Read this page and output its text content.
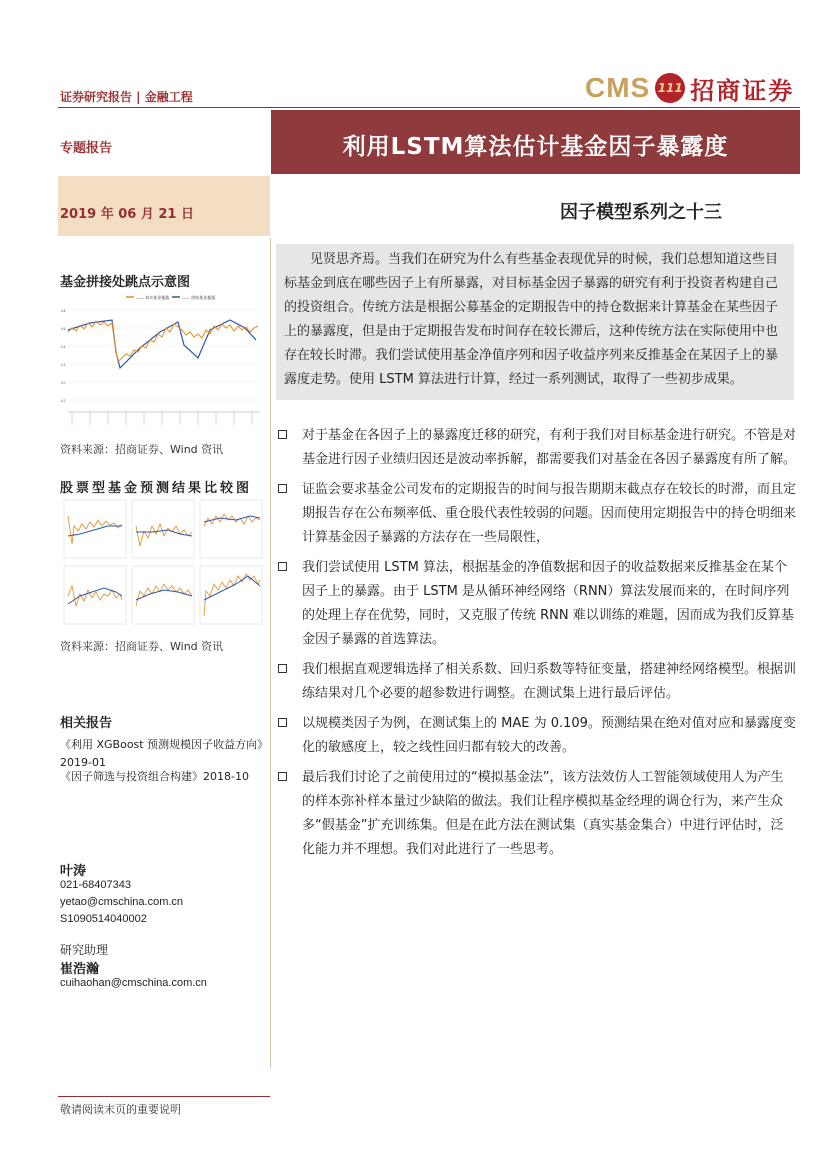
证券研究报告 | 金融工程	CMS 111 招商证券
专题报告	利用LSTM算法估计基金因子暴露度
2019 年 06 月 21 日	因子模型系列之十三
基金拼接处跳点示意图
—— 真实基金暴露	—— 拼接基金暴露
0.8
0.6
0.4
0.2
0.0
-0.2
资料来源：招商证券、Wind 资讯
股票型基金预测结果比较图
资料来源：招商证券、Wind 资讯
相关报告
《利用 XGBoost 预测规模因子收益方向》2019-01
《因子筛选与投资组合构建》2018-10
叶涛
021-68407343
yetao@cmschina.com.cn
S1090514040002
研究助理
崔浩瀚
cuihaohan@cmschina.com.cn
见贤思齐焉。当我们在研究为什么有些基金表现优异的时候，我们总想知道这些目标基金到底在哪些因子上有所暴露，对目标基金因子暴露的研究有利于投资者构建自己的投资组合。传统方法是根据公募基金的定期报告中的持仓数据来计算基金在某些因子上的暴露度，但是由于定期报告发布时间存在较长滞后，这种传统方法在实际使用中也存在较长时滞。我们尝试使用基金净值序列和因子收益序列来反推基金在某因子上的暴露度走势。使用 LSTM 算法进行计算，经过一系列测试，取得了一些初步成果。
对于基金在各因子上的暴露度迁移的研究，有利于我们对目标基金进行研究。不管是对基金进行因子业绩归因还是波动率拆解，都需要我们对基金在各因子暴露度有所了解。
证监会要求基金公司发布的定期报告的时间与报告期期末截点存在较长的时滞，而且定期报告存在公布频率低、重仓股代表性较弱的问题。因而使用定期报告中的持仓明细来计算基金因子暴露的方法存在一些局限性，
我们尝试使用 LSTM 算法，根据基金的净值数据和因子的收益数据来反推基金在某个因子上的暴露。由于 LSTM 是从循环神经网络（RNN）算法发展而来的，在时间序列的处理上存在优势，同时，又克服了传统 RNN 难以训练的难题，因而成为我们反算基金因子暴露的首选算法。
我们根据直观逻辑选择了相关系数、回归系数等特征变量，搭建神经网络模型。根据训练结果对几个必要的超参数进行调整。在测试集上进行最后评估。
以规模类因子为例，在测试集上的 MAE 为 0.109。预测结果在绝对值对应和暴露度变化的敏感度上，较之线性回归都有较大的改善。
最后我们讨论了之前使用过的“模拟基金法”，该方法效仿人工智能领域使用人为产生的样本弥补样本量过少缺陷的做法。我们让程序模拟基金经理的调仓行为，来产生众多“假基金”扩充训练集。但是在此方法在测试集（真实基金集合）中进行评估时，泛化能力并不理想。我们对此进行了一些思考。
敬请阅读末页的重要说明
